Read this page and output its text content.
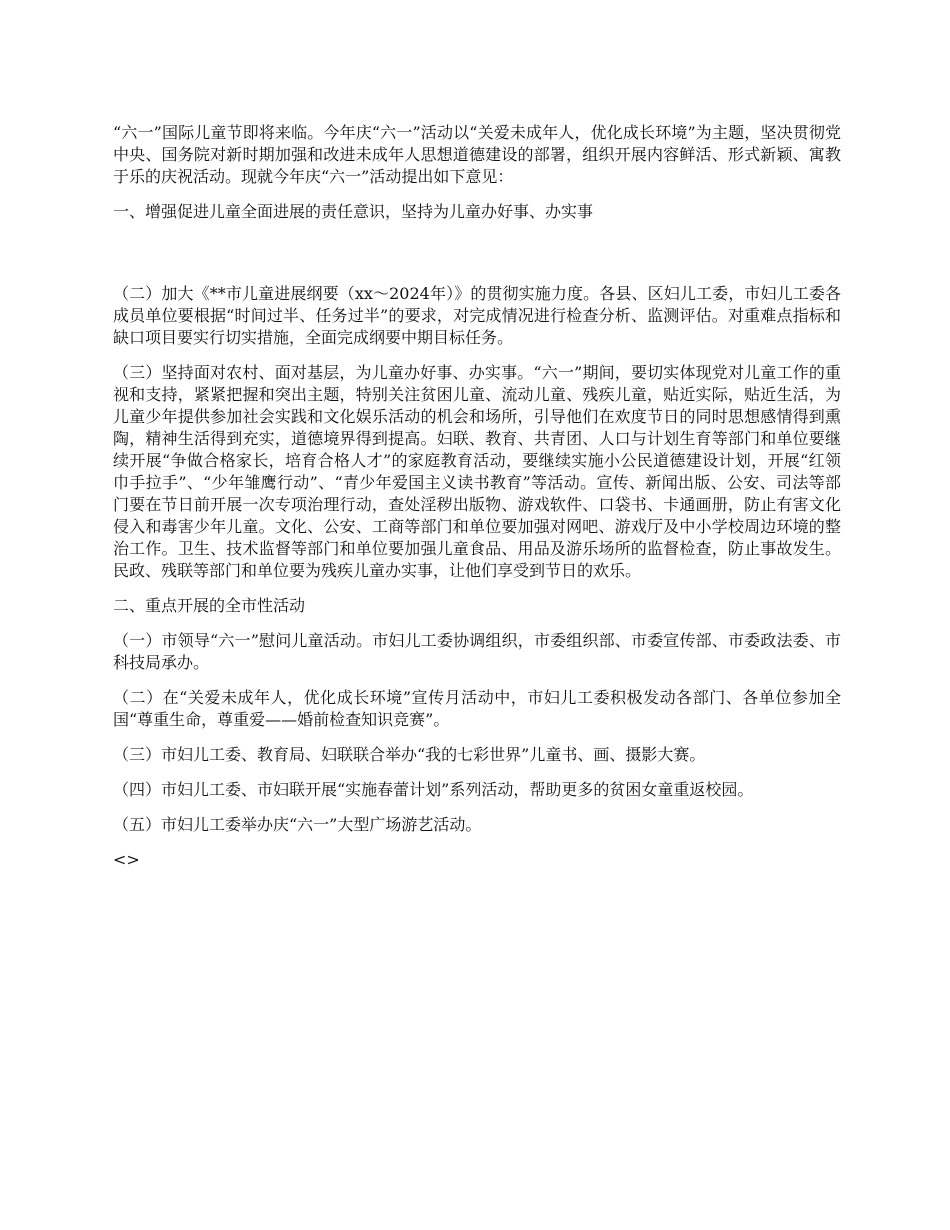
“六一”国际儿童节即将来临。今年庆“六一”活动以“关爱未成年人，优化成长环境”为主题，坚决贯彻党中央、国务院对新时期加强和改进未成年人思想道德建设的部署，组织开展内容鲜活、形式新颖、寓教于乐的庆祝活动。现就今年庆“六一”活动提出如下意见：

一、增强促进儿童全面进展的责任意识，坚持为儿童办好事、办实事

（二）加大《**市儿童进展纲要（xx～2024年）》的贯彻实施力度。各县、区妇儿工委，市妇儿工委各成员单位要根据“时间过半、任务过半”的要求，对完成情况进行检查分析、监测评估。对重难点指标和缺口项目要实行切实措施，全面完成纲要中期目标任务。

（三）坚持面对农村、面对基层，为儿童办好事、办实事。“六一”期间，要切实体现党对儿童工作的重视和支持，紧紧把握和突出主题，特别关注贫困儿童、流动儿童、残疾儿童，贴近实际，贴近生活，为儿童少年提供参加社会实践和文化娱乐活动的机会和场所，引导他们在欢度节日的同时思想感情得到熏陶，精神生活得到充实，道德境界得到提高。妇联、教育、共青团、人口与计划生育等部门和单位要继续开展“争做合格家长，培育合格人才”的家庭教育活动，要继续实施小公民道德建设计划，开展“红领巾手拉手”、“少年雏鹰行动”、“青少年爱国主义读书教育”等活动。宣传、新闻出版、公安、司法等部门要在节日前开展一次专项治理行动，查处淫秽出版物、游戏软件、口袋书、卡通画册，防止有害文化侵入和毒害少年儿童。文化、公安、工商等部门和单位要加强对网吧、游戏厅及中小学校周边环境的整治工作。卫生、技术监督等部门和单位要加强儿童食品、用品及游乐场所的监督检查，防止事故发生。民政、残联等部门和单位要为残疾儿童办实事，让他们享受到节日的欢乐。

二、重点开展的全市性活动

（一）市领导“六一”慰问儿童活动。市妇儿工委协调组织，市委组织部、市委宣传部、市委政法委、市科技局承办。

（二）在“关爱未成年人，优化成长环境”宣传月活动中，市妇儿工委积极发动各部门、各单位参加全国“尊重生命，尊重爱——婚前检查知识竞赛”。

（三）市妇儿工委、教育局、妇联联合举办“我的七彩世界”儿童书、画、摄影大赛。

（四）市妇儿工委、市妇联开展“实施春蕾计划”系列活动，帮助更多的贫困女童重返校园。

（五）市妇儿工委举办庆“六一”大型广场游艺活动。

<>
